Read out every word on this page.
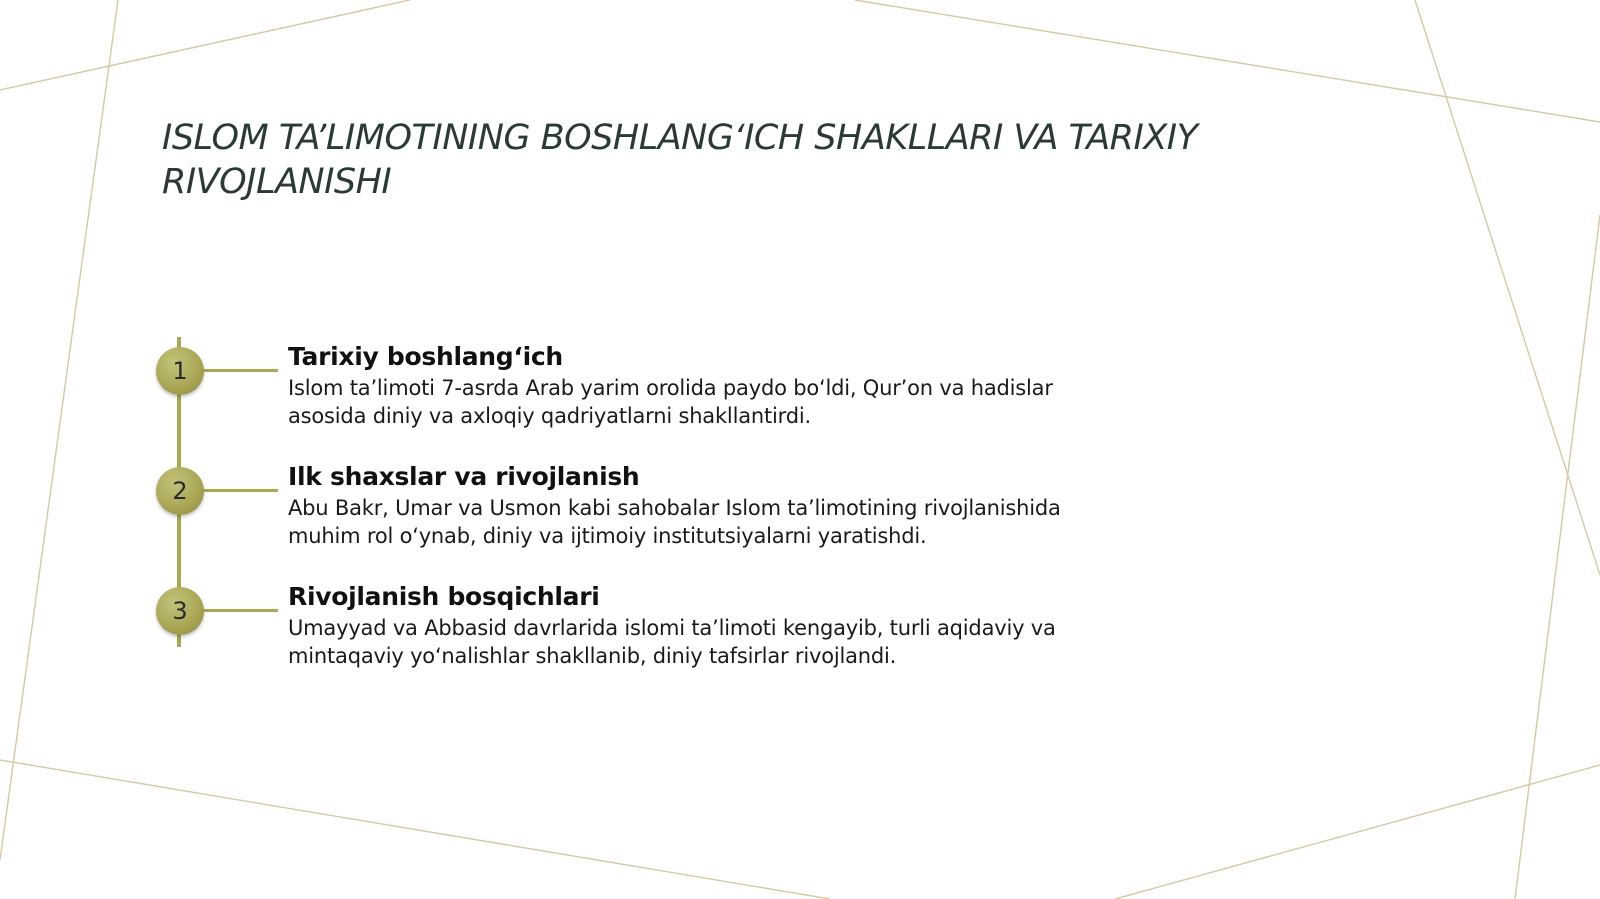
ISLOM TA’LIMOTINING BOSHLANG‘ICH SHAKLLARI VA TARIXIY RIVOJLANISHI
1	Tarixiy boshlang‘ich

Islom ta’limoti 7-asrda Arab yarim orolida paydo bo‘ldi, Qur’on va hadislar asosida diniy va axloqiy qadriyatlarni shakllantirdi.

2	Ilk shaxslar va rivojlanish

Abu Bakr, Umar va Usmon kabi sahobalar Islom ta’limotining rivojlanishida muhim rol o‘ynab, diniy va ijtimoiy institutsiyalarni yaratishdi.

3	Rivojlanish bosqichlari

Umayyad va Abbasid davrlarida islomi ta’limoti kengayib, turli aqidaviy va mintaqaviy yo‘nalishlar shakllanib, diniy tafsirlar rivojlandi.
